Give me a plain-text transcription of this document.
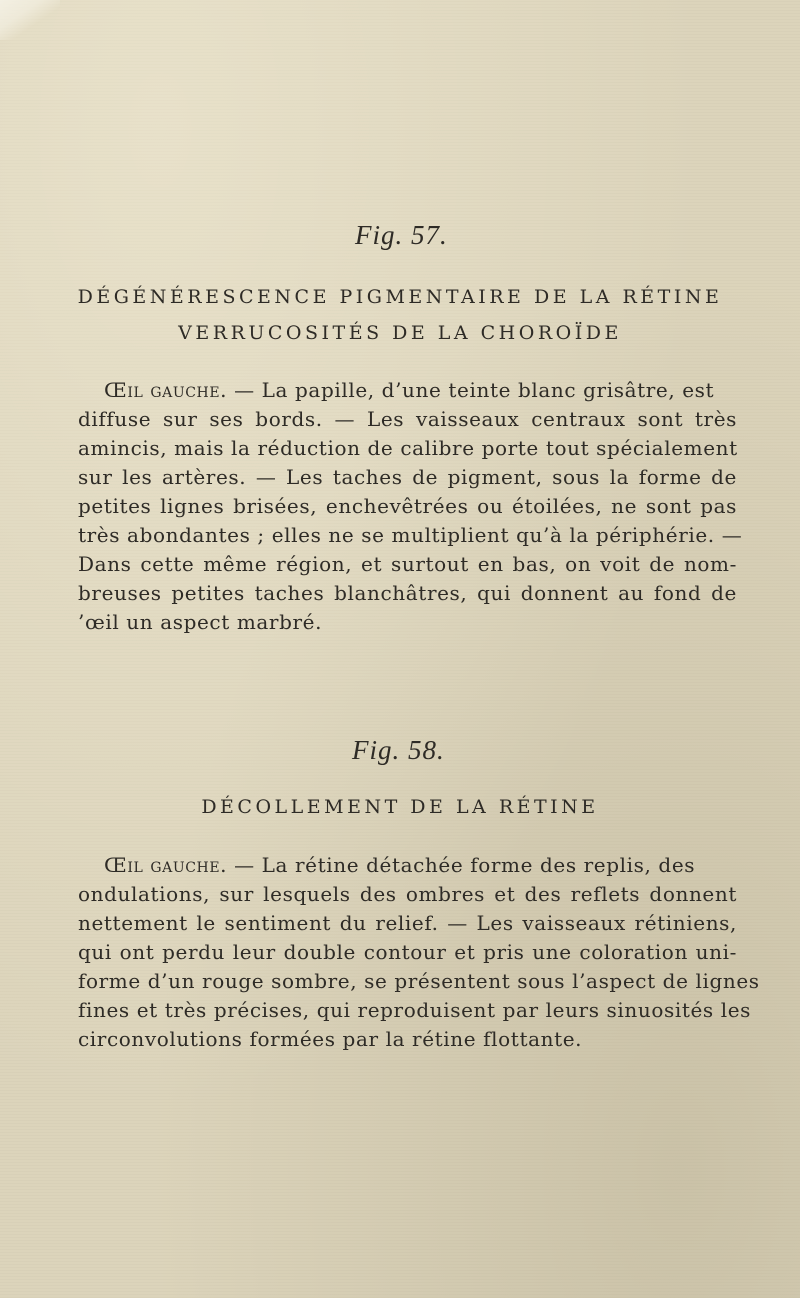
Fig. 57.
DÉGÉNÉRESCENCE PIGMENTAIRE DE LA RÉTINE
VERRUCOSITÉS DE LA CHOROÏDE
Œil gauche. — La papille, d’une teinte blanc grisâtre, est
diffuse sur ses bords. — Les vaisseaux centraux sont très
amincis, mais la réduction de calibre porte tout spécialement
sur les artères. — Les taches de pigment, sous la forme de
petites lignes brisées, enchevêtrées ou étoilées, ne sont pas
très abondantes ; elles ne se multiplient qu’à la périphérie. —
Dans cette même région, et surtout en bas, on voit de nom-
breuses petites taches blanchâtres, qui donnent au fond de
’œil un aspect marbré.
Fig. 58.
DÉCOLLEMENT DE LA RÉTINE
Œil gauche. — La rétine détachée forme des replis, des
ondulations, sur lesquels des ombres et des reflets donnent
nettement le sentiment du relief. — Les vaisseaux rétiniens,
qui ont perdu leur double contour et pris une coloration uni-
forme d’un rouge sombre, se présentent sous l’aspect de lignes
fines et très précises, qui reproduisent par leurs sinuosités les
circonvolutions formées par la rétine flottante.
